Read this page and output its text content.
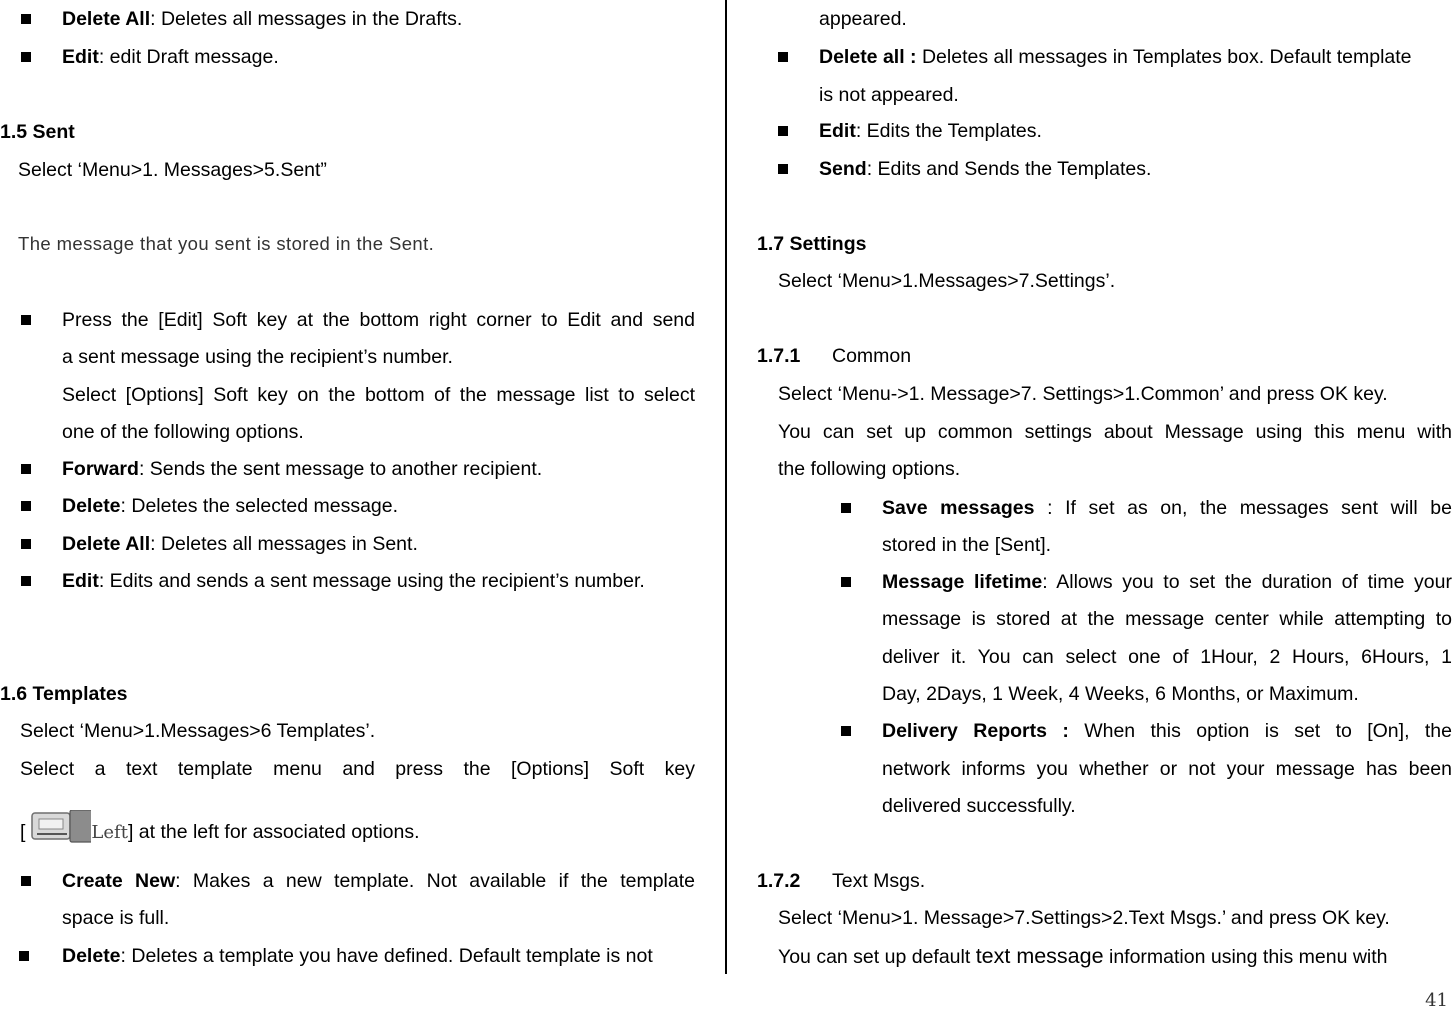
Delete All: Deletes all messages in the Drafts.
Edit: edit Draft message.
1.5 Sent
Select ‘Menu>1. Messages>5.Sent”
The message that you sent is stored in the Sent.
Press the [Edit] Soft key at the bottom right corner to Edit and send
a sent message using the recipient’s number.
Select [Options] Soft key on the bottom of the message list to select
one of the following options.
Forward: Sends the sent message to another recipient.
Delete: Deletes the selected message.
Delete All: Deletes all messages in Sent.
Edit: Edits and sends a sent message using the recipient’s number.
1.6 Templates
Select ‘Menu>1.Messages>6 Templates’.
Select a text template menu and press the [Options] Soft key
[	Left] at the left for associated options.
Create New: Makes a new template. Not available if the template
space is full.
Delete: Deletes a template you have defined. Default template is not
appeared.
Delete all : Deletes all messages in Templates box. Default template
is not appeared.
Edit: Edits the Templates.
Send: Edits and Sends the Templates.
1.7 Settings
Select ‘Menu>1.Messages>7.Settings’.
1.7.1 Common
Select ‘Menu->1. Message>7. Settings>1.Common’ and press OK key.
You can set up common settings about Message using this menu with
the following options.
Save messages : If set as on, the messages sent will be
stored in the [Sent].
Message lifetime: Allows you to set the duration of time your
message is stored at the message center while attempting to
deliver it. You can select one of 1Hour, 2 Hours, 6Hours, 1
Day, 2Days, 1 Week, 4 Weeks, 6 Months, or Maximum.
Delivery Reports : When this option is set to [On], the
network informs you whether or not your message has been
delivered successfully.
1.7.2 Text Msgs.
Select ‘Menu>1. Message>7.Settings>2.Text Msgs.’ and press OK key.
You can set up default text message information using this menu with
41
